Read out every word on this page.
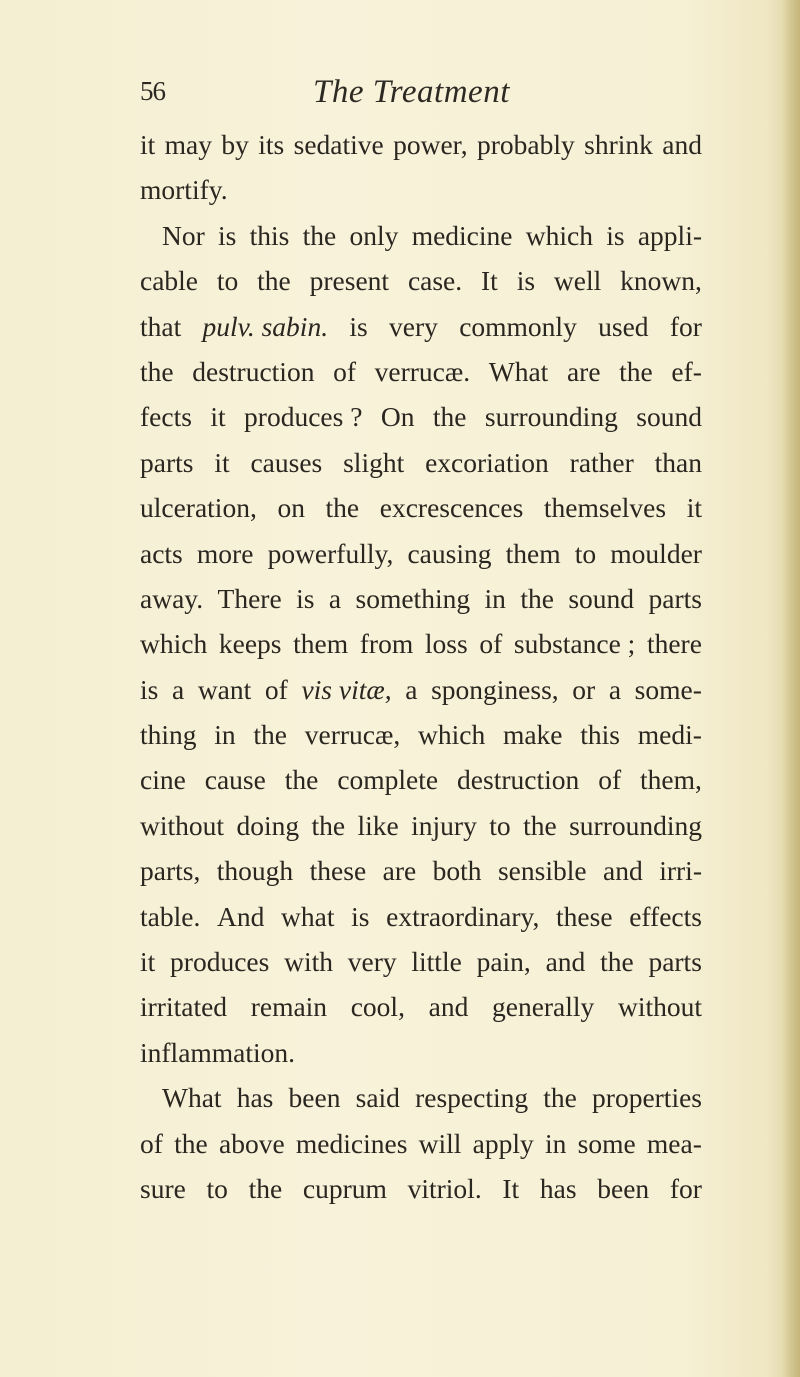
56	The Treatment
it may by its sedative power, probably shrink and
mortify.
Nor is this the only medicine which is appli-
cable to the present case. It is well known,
that pulv. sabin. is very commonly used for
the destruction of verrucæ. What are the ef-
fects it produces ? On the surrounding sound
parts it causes slight excoriation rather than
ulceration, on the excrescences themselves it
acts more powerfully, causing them to moulder
away. There is a something in the sound parts
which keeps them from loss of substance ; there
is a want of vis vitæ, a sponginess, or a some-
thing in the verrucæ, which make this medi-
cine cause the complete destruction of them,
without doing the like injury to the surrounding
parts, though these are both sensible and irri-
table. And what is extraordinary, these effects
it produces with very little pain, and the parts
irritated remain cool, and generally without
inflammation.
What has been said respecting the properties
of the above medicines will apply in some mea-
sure to the cuprum vitriol. It has been for
